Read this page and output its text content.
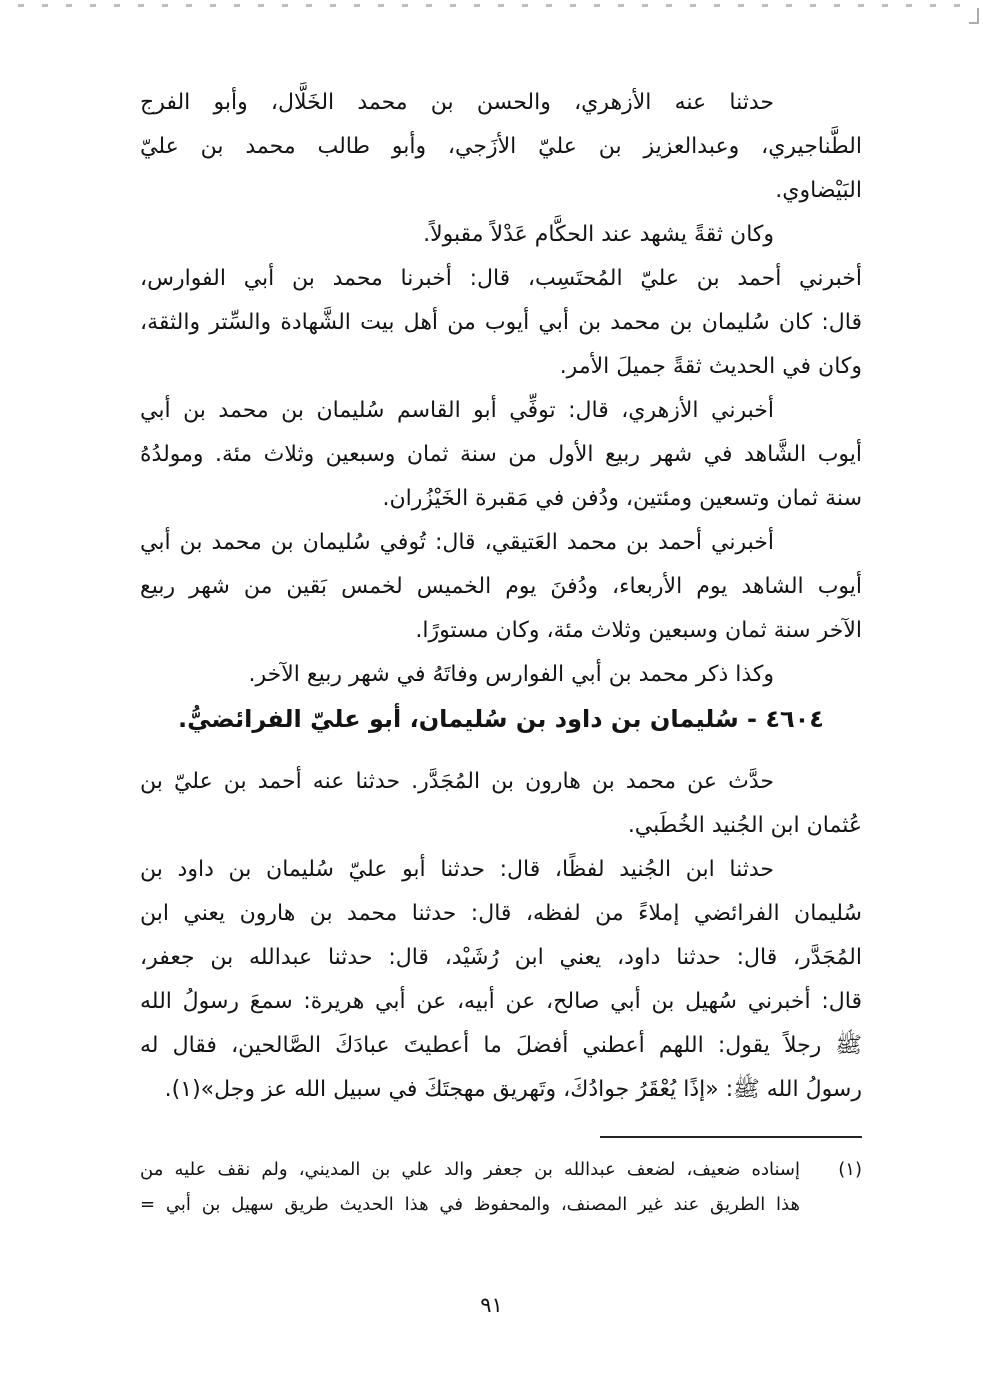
حدثنا عنه الأزهري، والحسن بن محمد الخَلَّال، وأبو الفرج
الطَّناجيري، وعبدالعزيز بن عليّ الأزَجي، وأبو طالب محمد بن عليّ
البَيْضاوي.
وكان ثقةً يشهد عند الحكَّام عَدْلاً مقبولاً.
أخبرني أحمد بن عليّ المُحتَسِب، قال: أخبرنا محمد بن أبي الفوارس،
قال: كان سُليمان بن محمد بن أبي أيوب من أهل بيت الشَّهادة والسِّتر والثقة،
وكان في الحديث ثقةً جميلَ الأمر.
أخبرني الأزهري، قال: توفِّي أبو القاسم سُليمان بن محمد بن أبي
أيوب الشَّاهد في شهر ربيع الأول من سنة ثمان وسبعين وثلاث مئة. ومولدُهُ
سنة ثمان وتسعين ومئتين، ودُفن في مَقبرة الخَيْزُران.
أخبرني أحمد بن محمد العَتيقي، قال: تُوفي سُليمان بن محمد بن أبي
أيوب الشاهد يوم الأربعاء، ودُفنَ يوم الخميس لخمس بَقين من شهر ربيع
الآخر سنة ثمان وسبعين وثلاث مئة، وكان مستورًا.
وكذا ذكر محمد بن أبي الفوارس وفاتَهُ في شهر ربيع الآخر.
٤٦٠٤ - سُليمان بن داود بن سُليمان، أبو عليّ الفرائضيُّ.
حدَّث عن محمد بن هارون بن المُجَدَّر. حدثنا عنه أحمد بن عليّ بن
عُثمان ابن الجُنيد الخُطَبي.
حدثنا ابن الجُنيد لفظًا، قال: حدثنا أبو عليّ سُليمان بن داود بن
سُليمان الفرائضي إملاءً من لفظه، قال: حدثنا محمد بن هارون يعني ابن
المُجَدَّر، قال: حدثنا داود، يعني ابن رُشَيْد، قال: حدثنا عبدالله بن جعفر،
قال: أخبرني سُهيل بن أبي صالح، عن أبيه، عن أبي هريرة: سمعَ رسولُ الله
ﷺ رجلاً يقول: اللهم أعطني أفضلَ ما أعطيتَ عبادَكَ الصَّالحين، فقال له
رسولُ الله ﷺ: «إذًا يُعْقَرُ جوادُكَ، وتَهريق مهجتَكَ في سبيل الله عز وجل»(١).
(١)
إسناده ضعيف، لضعف عبدالله بن جعفر والد علي بن المديني، ولم نقف عليه من
هذا الطريق عند غير المصنف، والمحفوظ في هذا الحديث طريق سهيل بن أبي =
٩١
